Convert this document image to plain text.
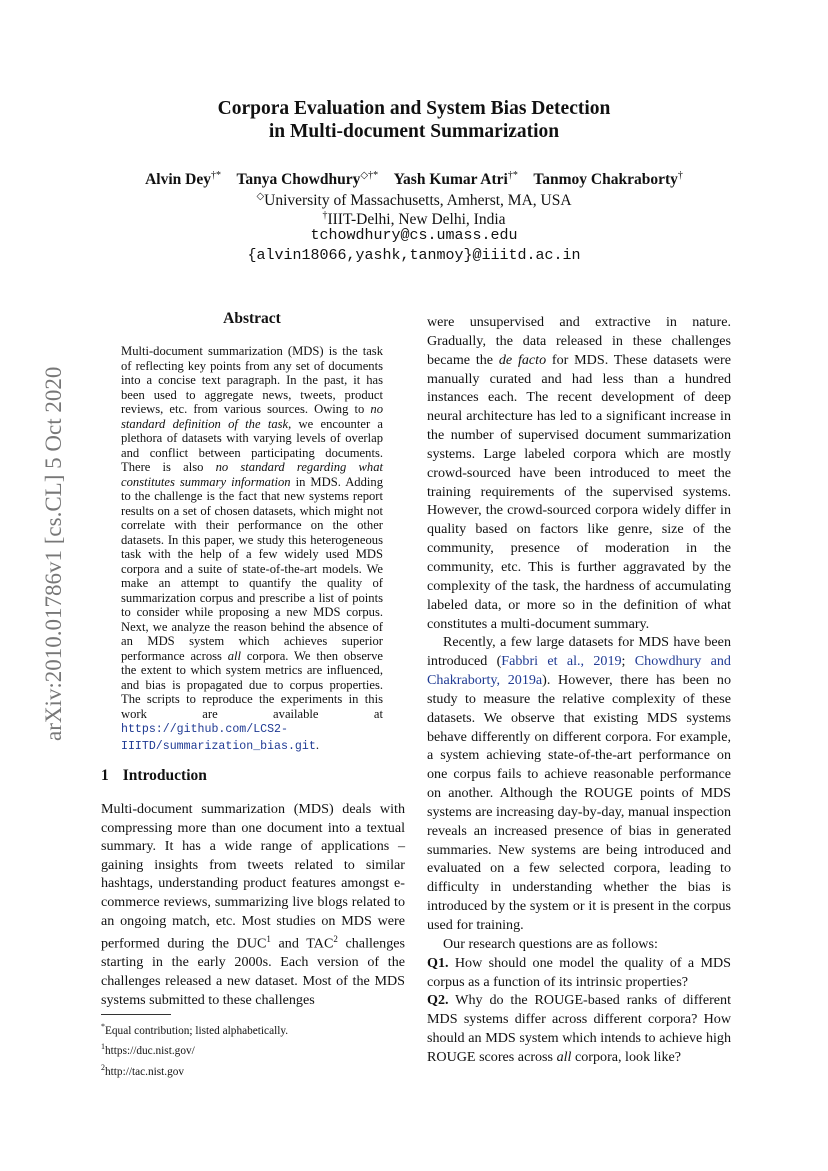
arXiv:2010.01786v1 [cs.CL] 5 Oct 2020
Corpora Evaluation and System Bias Detection
in Multi-document Summarization
Alvin Dey†* Tanya Chowdhury◇†* Yash Kumar Atri†* Tanmoy Chakraborty†
◇University of Massachusetts, Amherst, MA, USA
†IIIT-Delhi, New Delhi, India
tchowdhury@cs.umass.edu
{alvin18066,yashk,tanmoy}@iiitd.ac.in
Abstract
Multi-document summarization (MDS) is the task of reflecting key points from any set of documents into a concise text paragraph. In the past, it has been used to aggregate news, tweets, product reviews, etc. from various sources. Owing to no standard definition of the task, we encounter a plethora of datasets with varying levels of overlap and conflict between participating documents. There is also no standard regarding what constitutes summary information in MDS. Adding to the challenge is the fact that new systems report results on a set of chosen datasets, which might not correlate with their performance on the other datasets. In this paper, we study this heterogeneous task with the help of a few widely used MDS corpora and a suite of state-of-the-art models. We make an attempt to quantify the quality of summarization corpus and prescribe a list of points to consider while proposing a new MDS corpus. Next, we analyze the reason behind the absence of an MDS system which achieves superior performance across all corpora. We then observe the extent to which system metrics are influenced, and bias is propagated due to corpus properties. The scripts to reproduce the experiments in this work are available at https://github.com/LCS2-IIITD/summarization_bias.git.
1 Introduction
Multi-document summarization (MDS) deals with compressing more than one document into a textual summary. It has a wide range of applications – gaining insights from tweets related to similar hashtags, understanding product features amongst e-commerce reviews, summarizing live blogs related to an ongoing match, etc. Most studies on MDS were performed during the DUC$^1$ and TAC$^2$ challenges starting in the early 2000s. Each version of the challenges released a new dataset. Most of the MDS systems submitted to these challenges
*Equal contribution; listed alphabetically.
$^1$https://duc.nist.gov/
$^2$http://tac.nist.gov

were unsupervised and extractive in nature. Gradually, the data released in these challenges became the de facto for MDS. These datasets were manually curated and had less than a hundred instances each. The recent development of deep neural architecture has led to a significant increase in the number of supervised document summarization systems. Large labeled corpora which are mostly crowd-sourced have been introduced to meet the training requirements of the supervised systems. However, the crowd-sourced corpora widely differ in quality based on factors like genre, size of the community, presence of moderation in the community, etc. This is further aggravated by the complexity of the task, the hardness of accumulating labeled data, or more so in the definition of what constitutes a multi-document summary.

Recently, a few large datasets for MDS have been introduced (Fabbri et al., 2019; Chowdhury and Chakraborty, 2019a). However, there has been no study to measure the relative complexity of these datasets. We observe that existing MDS systems behave differently on different corpora. For example, a system achieving state-of-the-art performance on one corpus fails to achieve reasonable performance on another. Although the ROUGE points of MDS systems are increasing day-by-day, manual inspection reveals an increased presence of bias in generated summaries. New systems are being introduced and evaluated on a few selected corpora, leading to difficulty in understanding whether the bias is introduced by the system or it is present in the corpus used for training.

Our research questions are as follows:

Q1. How should one model the quality of a MDS corpus as a function of its intrinsic properties?

Q2. Why do the ROUGE-based ranks of different MDS systems differ across different corpora? How should an MDS system which intends to achieve high ROUGE scores across all corpora, look like?
